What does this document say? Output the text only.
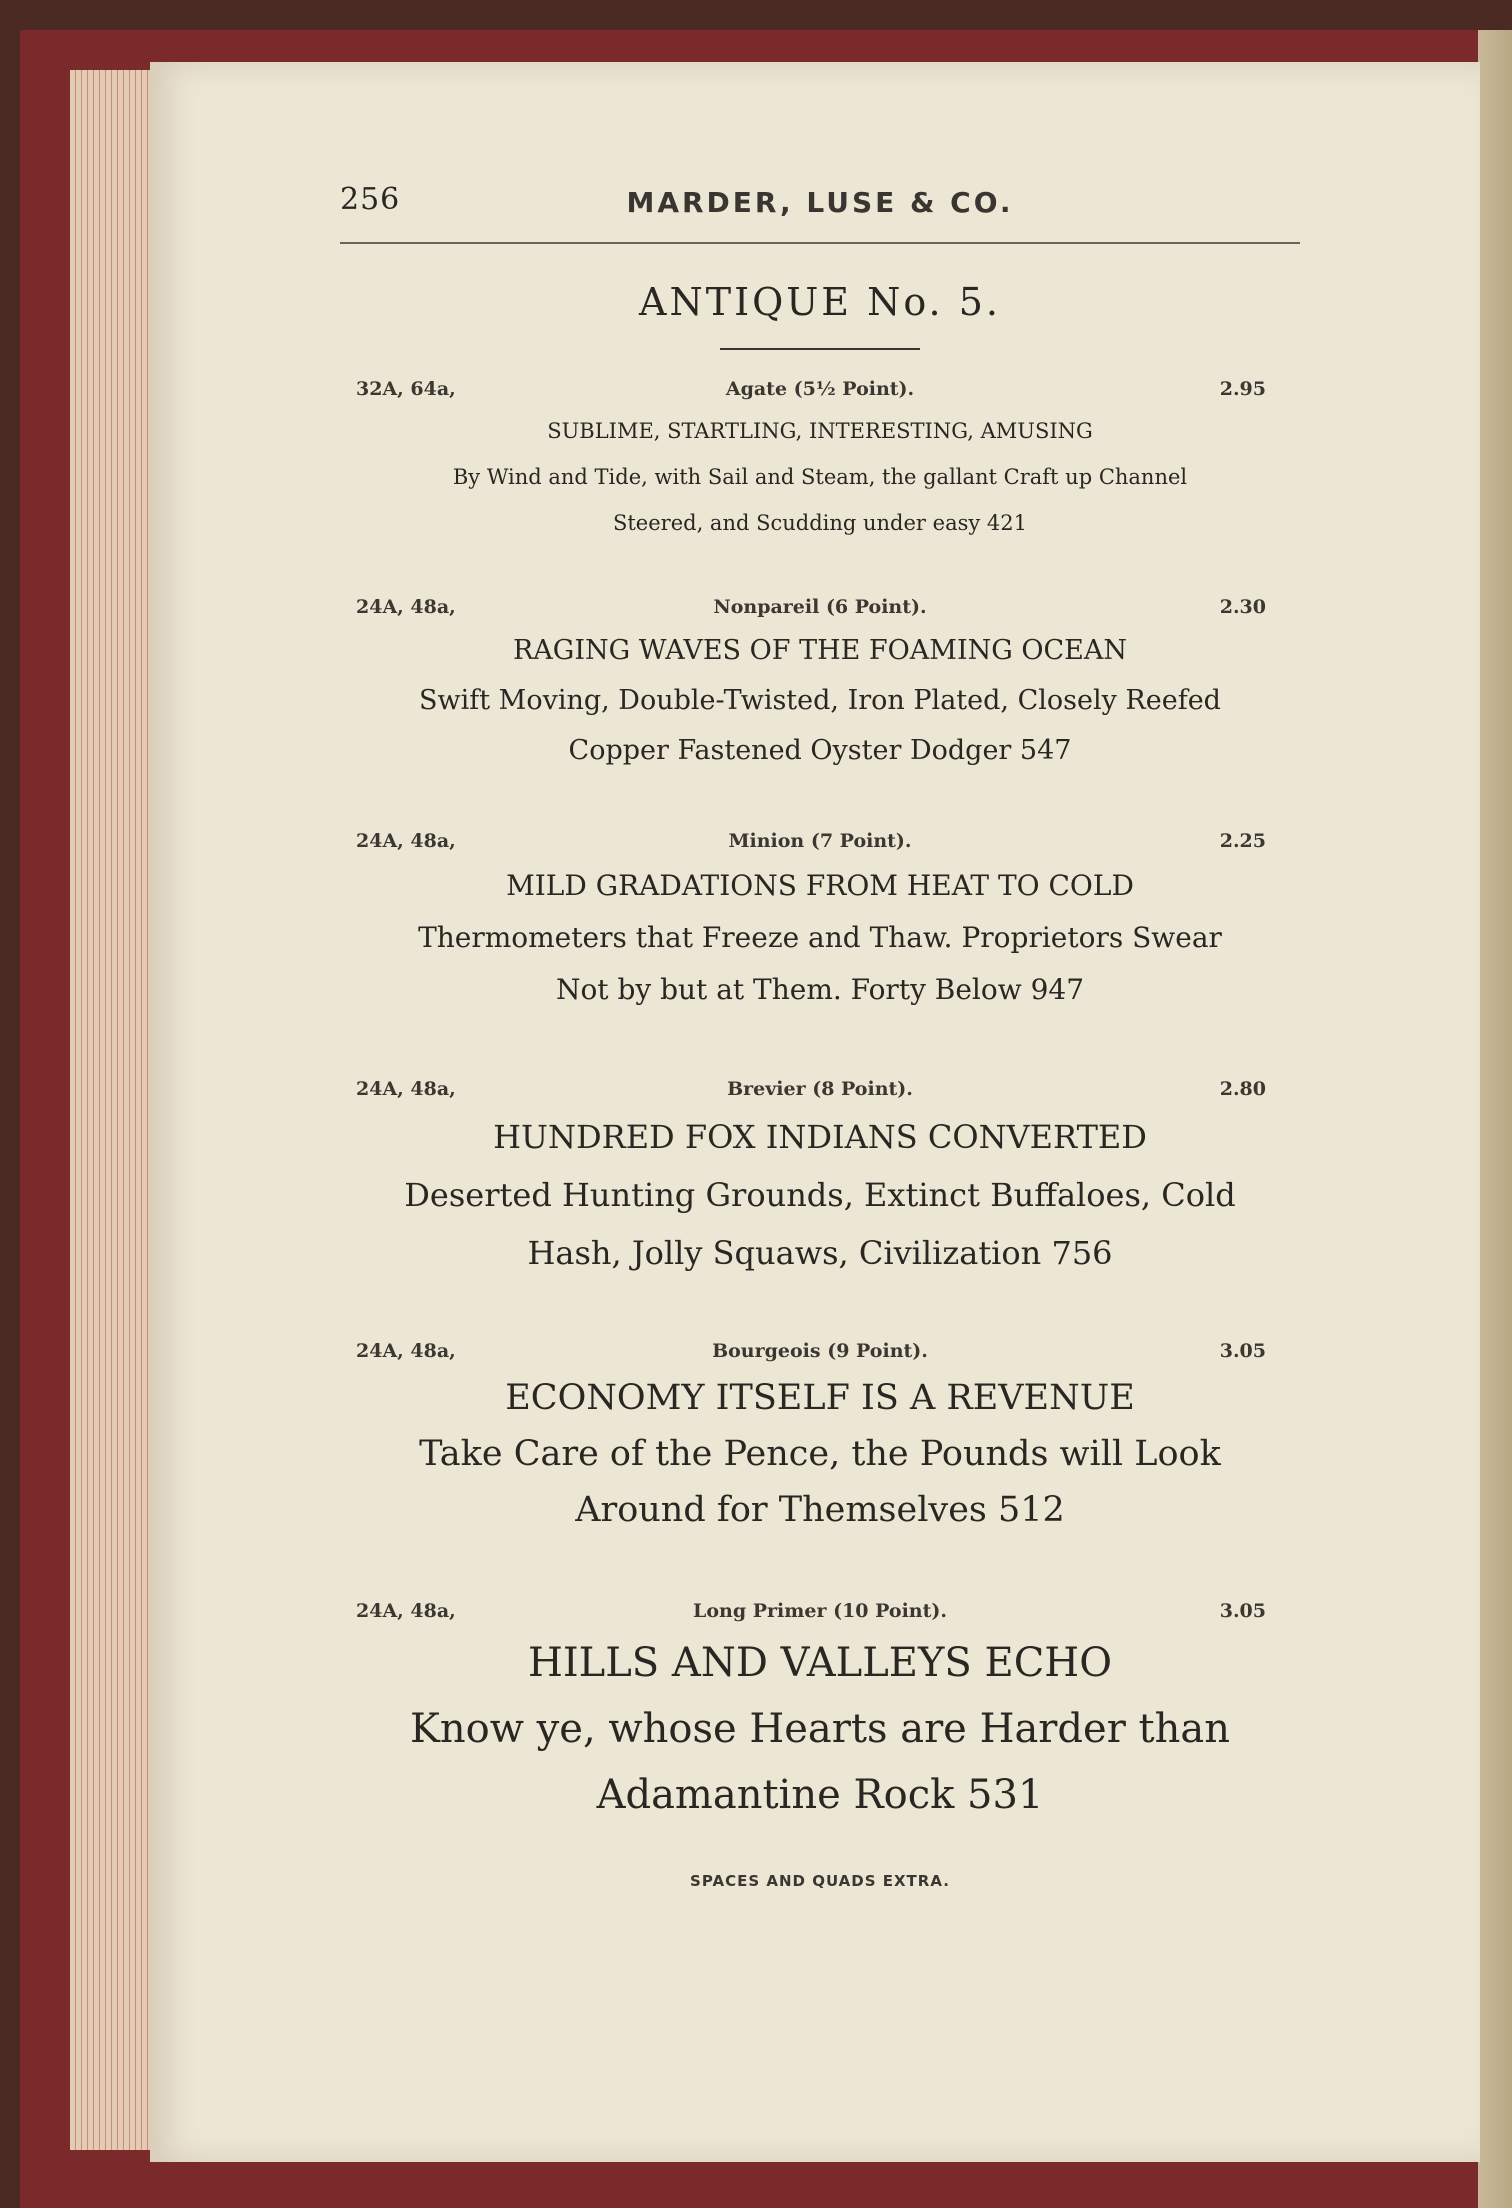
256	MARDER, LUSE & CO.
ANTIQUE No. 5.
32A, 64a,	Agate (5½ Point).	2.95
SUBLIME, STARTLING, INTERESTING, AMUSING
By Wind and Tide, with Sail and Steam, the gallant Craft up Channel
Steered, and Scudding under easy 421
24A, 48a,	Nonpareil (6 Point).	2.30
RAGING WAVES OF THE FOAMING OCEAN
Swift Moving, Double-Twisted, Iron Plated, Closely Reefed
Copper Fastened Oyster Dodger 547
24A, 48a,	Minion (7 Point).	2.25
MILD GRADATIONS FROM HEAT TO COLD
Thermometers that Freeze and Thaw. Proprietors Swear
Not by but at Them. Forty Below 947
24A, 48a,	Brevier (8 Point).	2.80
HUNDRED FOX INDIANS CONVERTED
Deserted Hunting Grounds, Extinct Buffaloes, Cold
Hash, Jolly Squaws, Civilization 756
24A, 48a,	Bourgeois (9 Point).	3.05
ECONOMY ITSELF IS A REVENUE
Take Care of the Pence, the Pounds will Look
Around for Themselves 512
24A, 48a,	Long Primer (10 Point).	3.05
HILLS AND VALLEYS ECHO
Know ye, whose Hearts are Harder than
Adamantine Rock 531
SPACES AND QUADS EXTRA.
